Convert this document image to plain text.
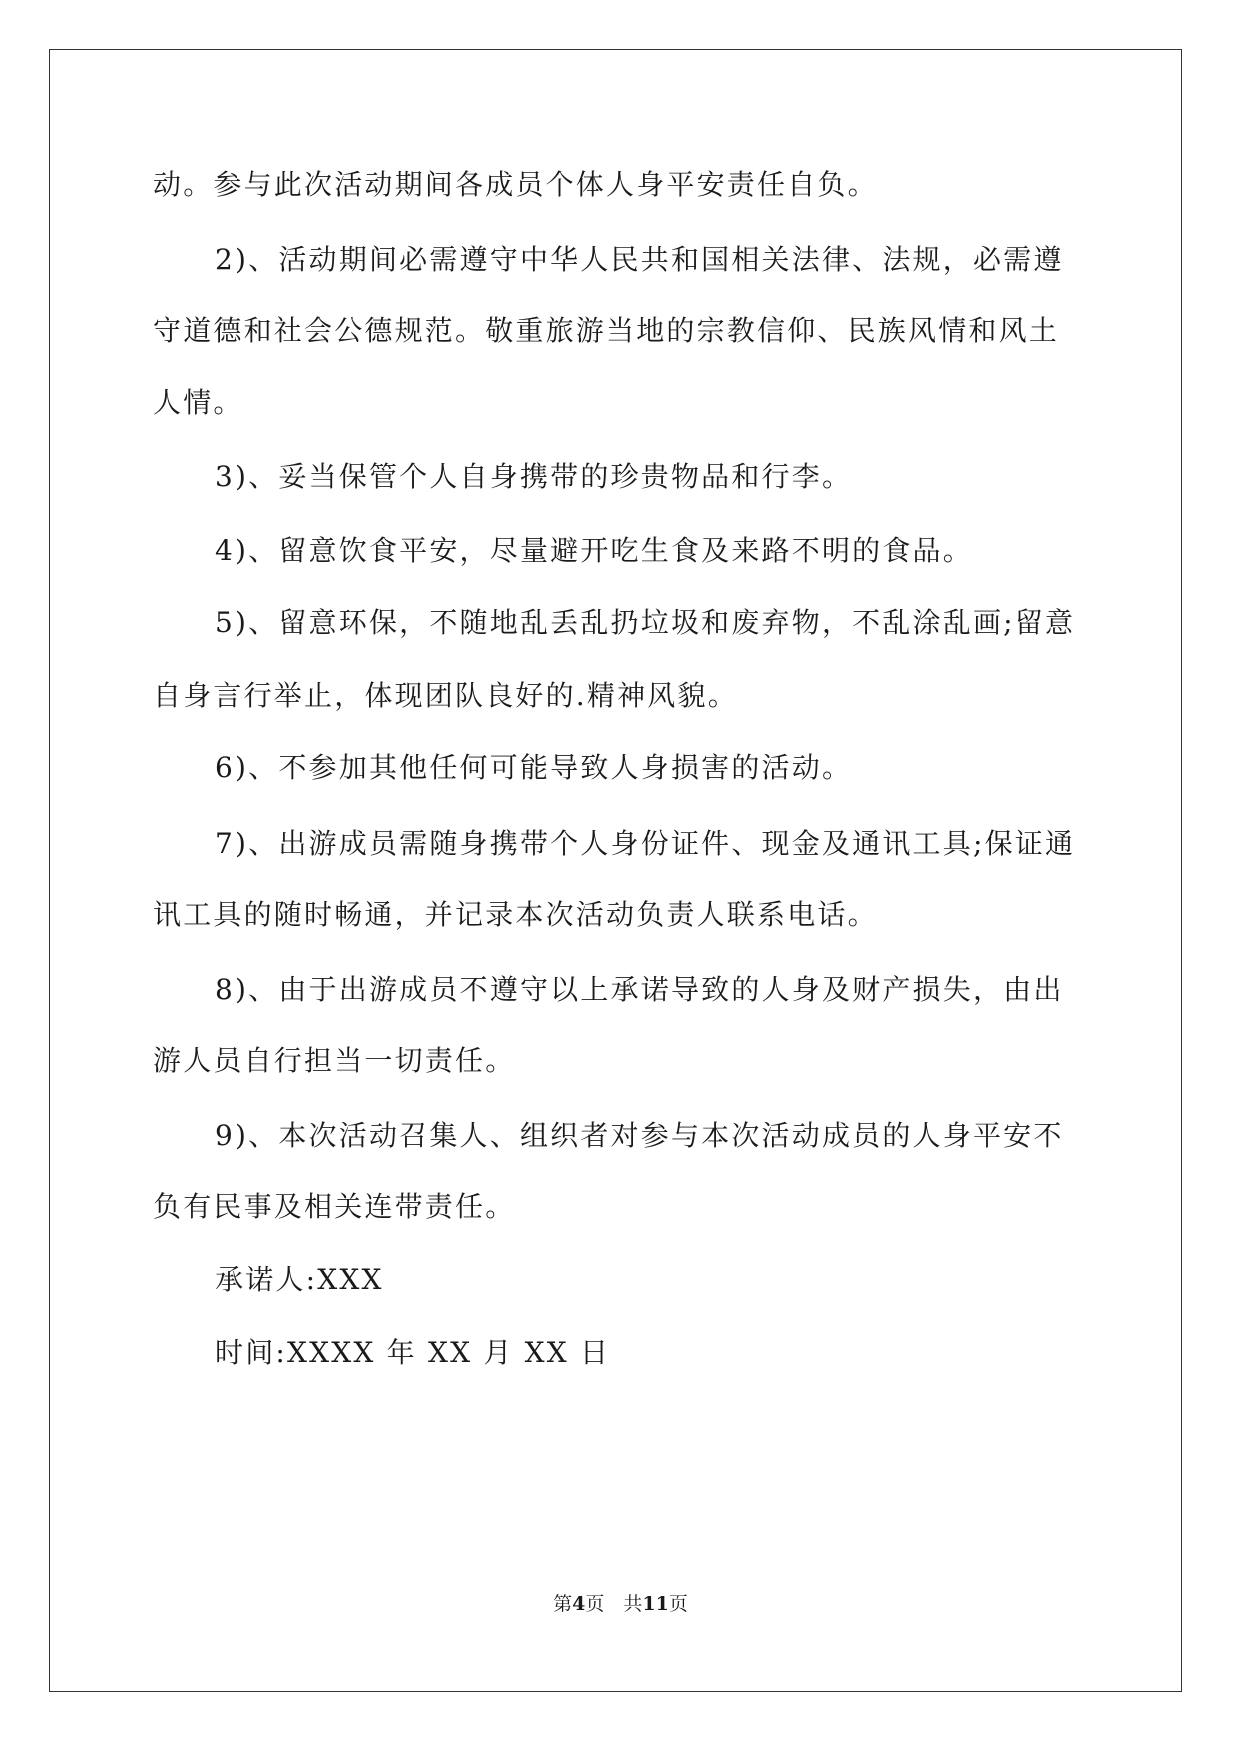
动。参与此次活动期间各成员个体人身平安责任自负。
2)、活动期间必需遵守中华人民共和国相关法律、法规，必需遵
守道德和社会公德规范。敬重旅游当地的宗教信仰、民族风情和风土
人情。
3)、妥当保管个人自身携带的珍贵物品和行李。
4)、留意饮食平安，尽量避开吃生食及来路不明的食品。
5)、留意环保，不随地乱丢乱扔垃圾和废弃物，不乱涂乱画;留意
自身言行举止，体现团队良好的.精神风貌。
6)、不参加其他任何可能导致人身损害的活动。
7)、出游成员需随身携带个人身份证件、现金及通讯工具;保证通
讯工具的随时畅通，并记录本次活动负责人联系电话。
8)、由于出游成员不遵守以上承诺导致的人身及财产损失，由出
游人员自行担当一切责任。
9)、本次活动召集人、组织者对参与本次活动成员的人身平安不
负有民事及相关连带责任。
承诺人:XXX
时间:XXXX 年 XX 月 XX 日
第4页　共11页
